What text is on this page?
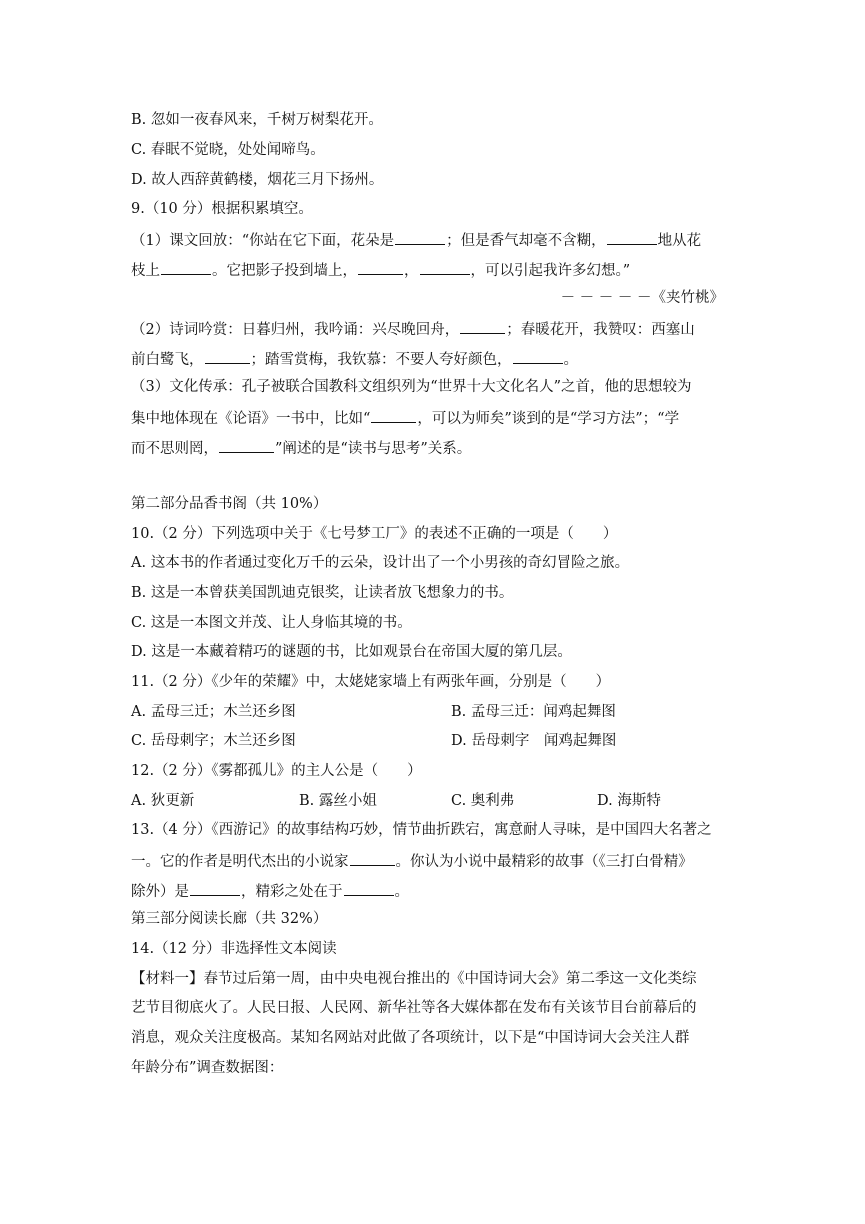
B. 忽如一夜春风来，千树万树梨花开。
C. 春眠不觉晓，处处闻啼鸟。
D. 故人西辞黄鹤楼，烟花三月下扬州。
9.（10 分）根据积累填空。
（1）课文回放：“你站在它下面，花朵是	；但是香气却毫不含糊，	地从花
枝上	。它把影子投到墙上，	，	，可以引起我许多幻想。”
－ － － － －《夹竹桃》
（2）诗词吟赏：日暮归州，我吟诵：兴尽晚回舟，	；春暖花开，我赞叹：西塞山
前白鹭飞，	；踏雪赏梅，我钦慕：不要人夸好颜色，	。
（3）文化传承：孔子被联合国教科文组织列为“世界十大文化名人”之首，他的思想较为
集中地体现在《论语》一书中，比如“	，可以为师矣”谈到的是“学习方法”；“学
而不思则罔，	”阐述的是“读书与思考”关系。
第二部分品香书阁（共 10%）
10.（2 分）下列选项中关于《七号梦工厂》的表述不正确的一项是（　　）
A. 这本书的作者通过变化万千的云朵，设计出了一个小男孩的奇幻冒险之旅。
B. 这是一本曾获美国凯迪克银奖，让读者放飞想象力的书。
C. 这是一本图文并茂、让人身临其境的书。
D. 这是一本藏着精巧的谜题的书，比如观景台在帝国大厦的第几层。
11.（2 分）《少年的荣耀》中，太姥姥家墙上有两张年画，分别是（　　）
A. 孟母三迁；木兰还乡图	B. 孟母三迁：闻鸡起舞图
C. 岳母刺字；木兰还乡图	D. 岳母刺字　闻鸡起舞图
12.（2 分）《雾都孤儿》的主人公是（　　）
A. 狄更新	B. 露丝小姐	C. 奥利弗	D. 海斯特
13.（4 分）《西游记》的故事结构巧妙，情节曲折跌宕，寓意耐人寻味，是中国四大名著之
一。它的作者是明代杰出的小说家	。你认为小说中最精彩的故事（《三打白骨精》
除外）是	，精彩之处在于	。
第三部分阅读长廊（共 32%）
14.（12 分）非选择性文本阅读
【材料一】春节过后第一周，由中央电视台推出的《中国诗词大会》第二季这一文化类综
艺节目彻底火了。人民日报、人民网、新华社等各大媒体都在发布有关该节目台前幕后的
消息，观众关注度极高。某知名网站对此做了各项统计，以下是“中国诗词大会关注人群
年龄分布”调查数据图：
